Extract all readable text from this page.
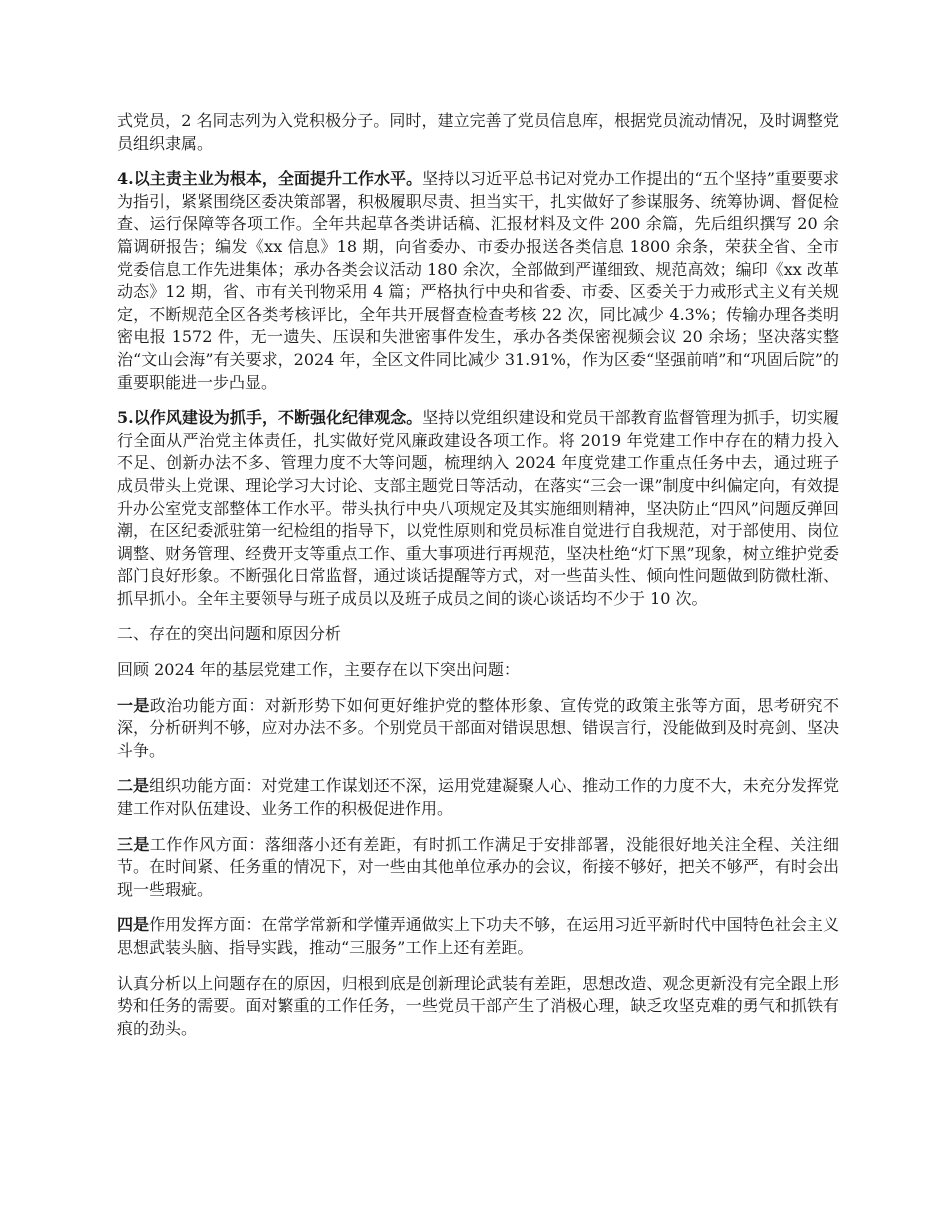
式党员，2 名同志列为入党积极分子。同时，建立完善了党员信息库，根据党员流动情况，及时调整党员组织隶属。

4.以主责主业为根本，全面提升工作水平。坚持以习近平总书记对党办工作提出的“五个坚持”重要要求为指引，紧紧围绕区委决策部署，积极履职尽责、担当实干，扎实做好了参谋服务、统筹协调、督促检查、运行保障等各项工作。全年共起草各类讲话稿、汇报材料及文件 200 余篇，先后组织撰写 20 余篇调研报告；编发《xx 信息》18 期，向省委办、市委办报送各类信息 1800 余条，荣获全省、全市党委信息工作先进集体；承办各类会议活动 180 余次，全部做到严谨细致、规范高效；编印《xx 改革动态》12 期，省、市有关刊物采用 4 篇；严格执行中央和省委、市委、区委关于力戒形式主义有关规定，不断规范全区各类考核评比，全年共开展督查检查考核 22 次，同比减少 4.3%；传输办理各类明密电报 1572 件，无一遗失、压误和失泄密事件发生，承办各类保密视频会议 20 余场；坚决落实整治“文山会海”有关要求，2024 年，全区文件同比减少 31.91%，作为区委“坚强前哨”和“巩固后院”的重要职能进一步凸显。

5.以作风建设为抓手，不断强化纪律观念。坚持以党组织建设和党员干部教育监督管理为抓手，切实履行全面从严治党主体责任，扎实做好党风廉政建设各项工作。将 2019 年党建工作中存在的精力投入不足、创新办法不多、管理力度不大等问题，梳理纳入 2024 年度党建工作重点任务中去，通过班子成员带头上党课、理论学习大讨论、支部主题党日等活动，在落实“三会一课”制度中纠偏定向，有效提升办公室党支部整体工作水平。带头执行中央八项规定及其实施细则精神，坚决防止“四风”问题反弹回潮，在区纪委派驻第一纪检组的指导下，以党性原则和党员标准自觉进行自我规范，对于部使用、岗位调整、财务管理、经费开支等重点工作、重大事项进行再规范，坚决杜绝“灯下黑”现象，树立维护党委部门良好形象。不断强化日常监督，通过谈话提醒等方式，对一些苗头性、倾向性问题做到防微杜渐、抓早抓小。全年主要领导与班子成员以及班子成员之间的谈心谈话均不少于 10 次。

二、存在的突出问题和原因分析

回顾 2024 年的基层党建工作，主要存在以下突出问题：

一是政治功能方面：对新形势下如何更好维护党的整体形象、宣传党的政策主张等方面，思考研究不深，分析研判不够，应对办法不多。个别党员干部面对错误思想、错误言行，没能做到及时亮剑、坚决斗争。

二是组织功能方面：对党建工作谋划还不深，运用党建凝聚人心、推动工作的力度不大，未充分发挥党建工作对队伍建设、业务工作的积极促进作用。

三是工作作风方面：落细落小还有差距，有时抓工作满足于安排部署，没能很好地关注全程、关注细节。在时间紧、任务重的情况下，对一些由其他单位承办的会议，衔接不够好，把关不够严，有时会出现一些瑕疵。

四是作用发挥方面：在常学常新和学懂弄通做实上下功夫不够，在运用习近平新时代中国特色社会主义思想武装头脑、指导实践，推动“三服务”工作上还有差距。

认真分析以上问题存在的原因，归根到底是创新理论武装有差距，思想改造、观念更新没有完全跟上形势和任务的需要。面对繁重的工作任务，一些党员干部产生了消极心理，缺乏攻坚克难的勇气和抓铁有痕的劲头。
